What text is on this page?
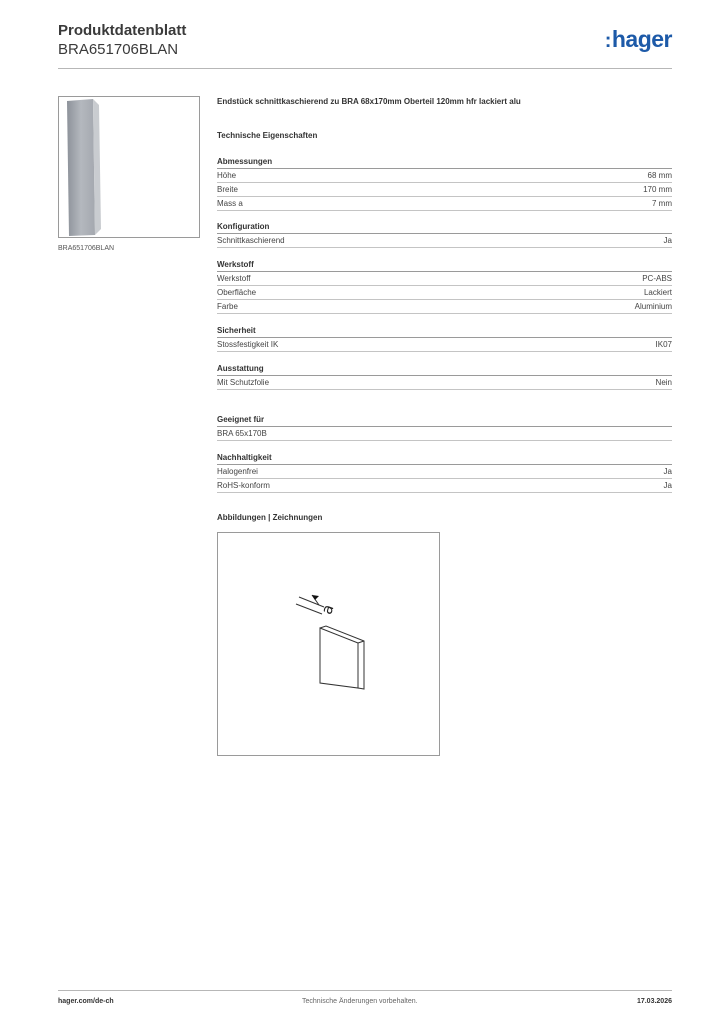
Produktdatenblatt
BRA651706BLAN	:hager
BRA651706BLAN
Endstück schnittkaschierend zu BRA 68x170mm Oberteil 120mm hfr lackiert alu
Technische Eigenschaften
Abmessungen
Höhe	68 mm
Breite	170 mm
Mass a	7 mm
Konfiguration
Schnittkaschierend	Ja
Werkstoff
Werkstoff	PC-ABS
Oberfläche	Lackiert
Farbe	Aluminium
Sicherheit
Stossfestigkeit IK	IK07
Ausstattung
Mit Schutzfolie	Nein
Geeignet für
BRA 65x170B
Nachhaltigkeit
Halogenfrei	Ja
RoHS-konform	Ja
Abbildungen | Zeichnungen
a
hager.com/de-ch	Technische Änderungen vorbehalten.	17.03.2026
